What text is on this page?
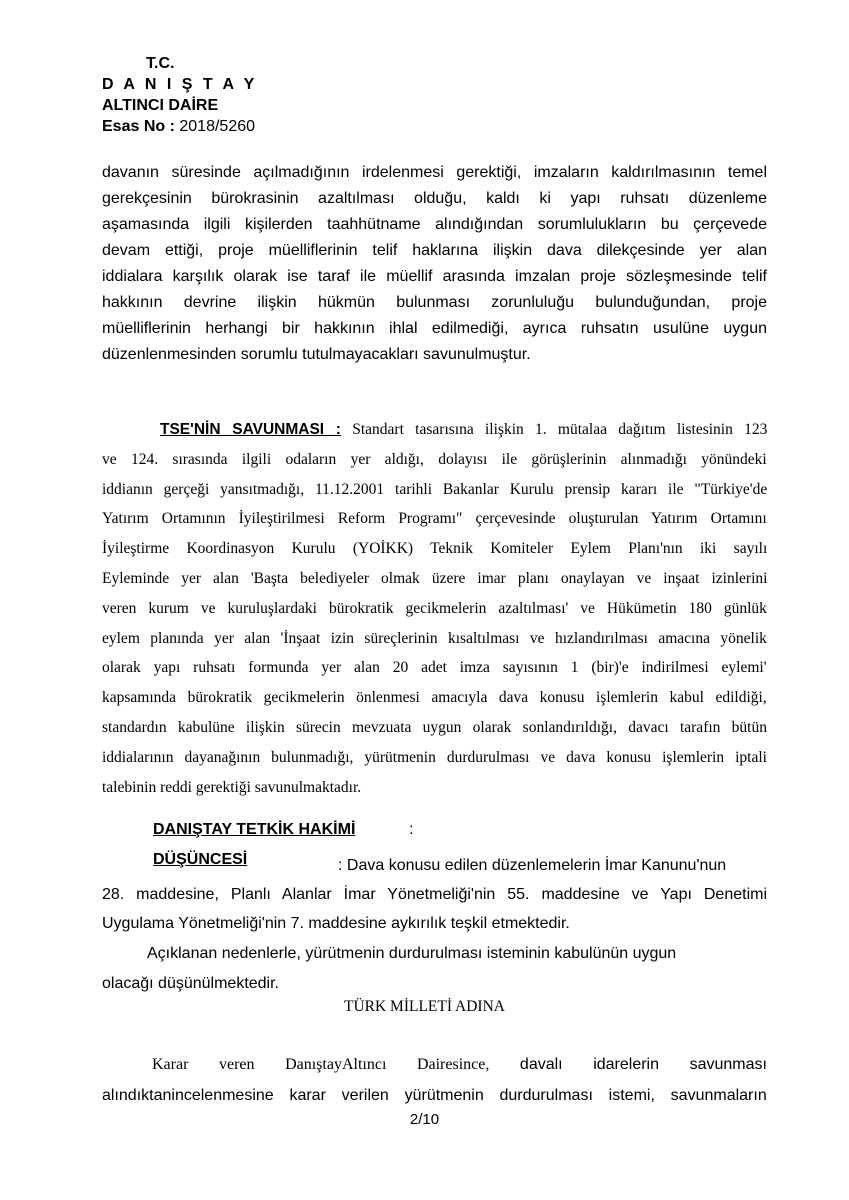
T.C.
D A N I Ş T A Y
ALTINCI DAİRE
Esas No : 2018/5260
davanın süresinde açılmadığının irdelenmesi gerektiği, imzaların kaldırılmasının temel
gerekçesinin bürokrasinin azaltılması olduğu, kaldı ki yapı ruhsatı düzenleme
aşamasında ilgili kişilerden taahhütname alındığından sorumlulukların bu çerçevede
devam ettiği, proje müelliflerinin telif haklarına ilişkin dava dilekçesinde yer alan
iddialara karşılık olarak ise taraf ile müellif arasında imzalan proje sözleşmesinde telif
hakkının devrine ilişkin hükmün bulunması zorunluluğu bulunduğundan, proje
müelliflerinin herhangi bir hakkının ihlal edilmediği, ayrıca ruhsatın usulüne uygun
düzenlenmesinden sorumlu tutulmayacakları savunulmuştur.
TSE'NİN SAVUNMASI : Standart tasarısına ilişkin 1. mütalaa dağıtım listesinin 123
ve 124. sırasında ilgili odaların yer aldığı, dolayısı ile görüşlerinin alınmadığı yönündeki
iddianın gerçeği yansıtmadığı, 11.12.2001 tarihli Bakanlar Kurulu prensip kararı ile "Türkiye'de
Yatırım Ortamının İyileştirilmesi Reform Programı" çerçevesinde oluşturulan Yatırım Ortamını
İyileştirme Koordinasyon Kurulu (YOİKK) Teknik Komiteler Eylem Planı'nın iki sayılı
Eyleminde yer alan 'Başta belediyeler olmak üzere imar planı onaylayan ve inşaat izinlerini
veren kurum ve kuruluşlardaki bürokratik gecikmelerin azaltılması' ve Hükümetin 180 günlük
eylem planında yer alan 'İnşaat izin süreçlerinin kısaltılması ve hızlandırılması amacına yönelik
olarak yapı ruhsatı formunda yer alan 20 adet imza sayısının 1 (bir)'e indirilmesi eylemi'
kapsamında bürokratik gecikmelerin önlenmesi amacıyla dava konusu işlemlerin kabul edildiği,
standardın kabulüne ilişkin sürecin mevzuata uygun olarak sonlandırıldığı, davacı tarafın bütün
iddialarının dayanağının bulunmadığı, yürütmenin durdurulması ve dava konusu işlemlerin iptali
talebinin reddi gerektiği savunulmaktadır.
DANIŞTAY TETKİK HAKİMİ	:
: Dava konusu edilen düzenlemelerin İmar Kanunu'nun
28. maddesine, Planlı Alanlar İmar Yönetmeliği'nin 55. maddesine ve Yapı Denetimi
Uygulama Yönetmeliği'nin 7. maddesine aykırılık teşkil etmektedir.
DÜŞÜNCESİ
Açıklanan nedenlerle, yürütmenin durdurulması isteminin kabulünün uygun
olacağı düşünülmektedir.
TÜRK MİLLETİ ADINA
Karar veren DanıştayAltıncı Dairesince, davalı idarelerin savunması
alındıktanincelenmesine karar verilen yürütmenin durdurulması istemi, savunmaların
2/10
